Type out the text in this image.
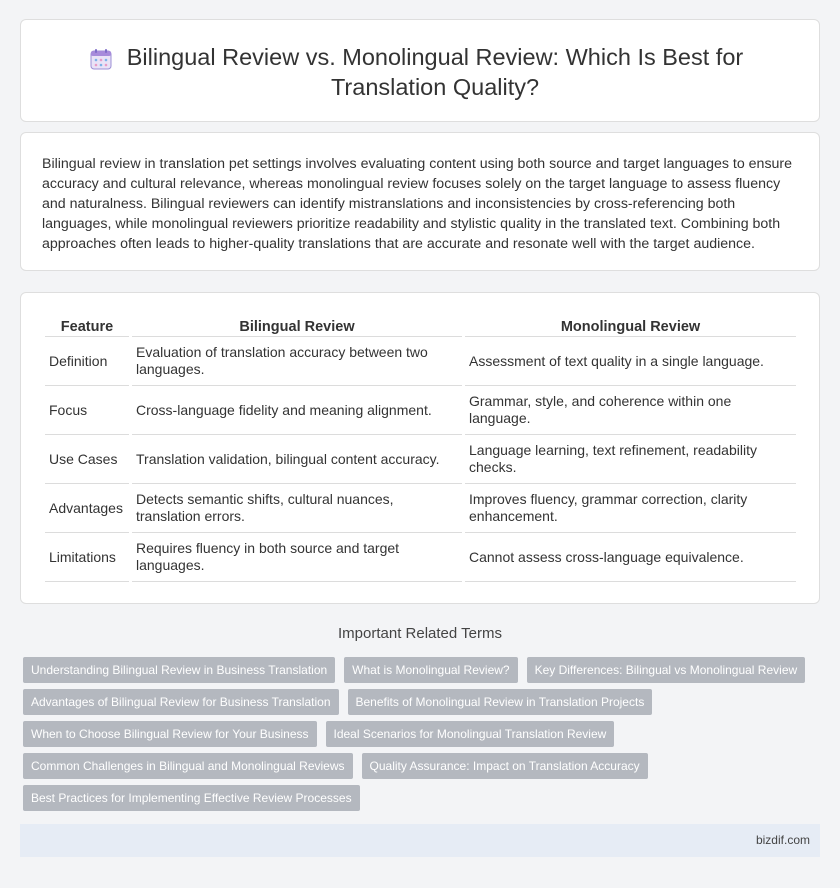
Bilingual Review vs. Monolingual Review: Which Is Best for Translation Quality?

Bilingual review in translation pet settings involves evaluating content using both source and target languages to ensure accuracy and cultural relevance, whereas monolingual review focuses solely on the target language to assess fluency and naturalness. Bilingual reviewers can identify mistranslations and inconsistencies by cross-referencing both languages, while monolingual reviewers prioritize readability and stylistic quality in the translated text. Combining both approaches often leads to higher-quality translations that are accurate and resonate well with the target audience.

Feature	Bilingual Review	Monolingual Review
Definition	Evaluation of translation accuracy between two languages.	Assessment of text quality in a single language.
Focus	Cross-language fidelity and meaning alignment.	Grammar, style, and coherence within one language.
Use Cases	Translation validation, bilingual content accuracy.	Language learning, text refinement, readability checks.
Advantages	Detects semantic shifts, cultural nuances, translation errors.	Improves fluency, grammar correction, clarity enhancement.
Limitations	Requires fluency in both source and target languages.	Cannot assess cross-language equivalence.
Important Related Terms
Understanding Bilingual Review in Business Translation	What is Monolingual Review?	Key Differences: Bilingual vs Monolingual Review
Advantages of Bilingual Review for Business Translation	Benefits of Monolingual Review in Translation Projects
When to Choose Bilingual Review for Your Business	Ideal Scenarios for Monolingual Translation Review
Common Challenges in Bilingual and Monolingual Reviews	Quality Assurance: Impact on Translation Accuracy
Best Practices for Implementing Effective Review Processes
bizdif.com
